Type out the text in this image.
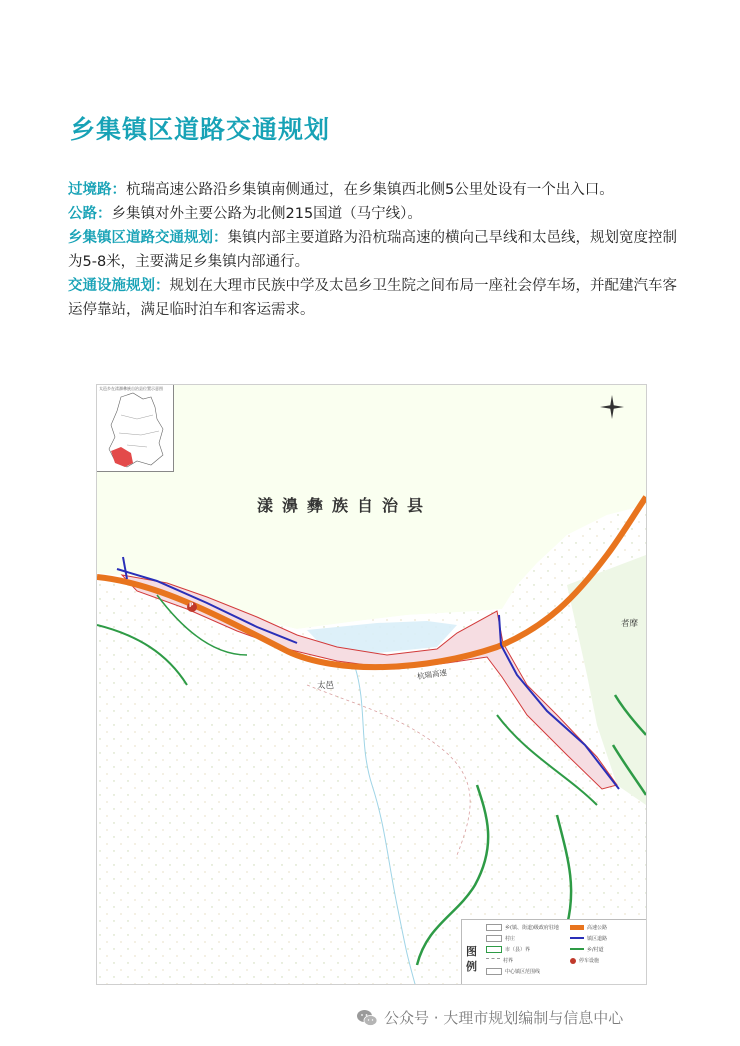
乡集镇区道路交通规划

过境路：杭瑞高速公路沿乡集镇南侧通过，在乡集镇西北侧5公里处设有一个出入口。

公路：乡集镇对外主要公路为北侧215国道（马宁线）。

乡集镇区道路交通规划：集镇内部主要道路为沿杭瑞高速的横向己旱线和太邑线，规划宽度控制为5-8米，主要满足乡集镇内部通行。

交通设施规划：规划在大理市民族中学及太邑乡卫生院之间布局一座社会停车场，并配建汽车客运停靠站，满足临时泊车和客运需求。

太邑乡在漾濞彝族自治县位置示意图
漾濞彝族自治县
太邑
者摩
杭瑞高速
P
图例
乡(镇、街道)级政府驻地
村庄
市（县）界
村界
中心镇区范围线
高速公路
镇区道路
乡/村道
停车设施
公众号 · 大理市规划编制与信息中心
